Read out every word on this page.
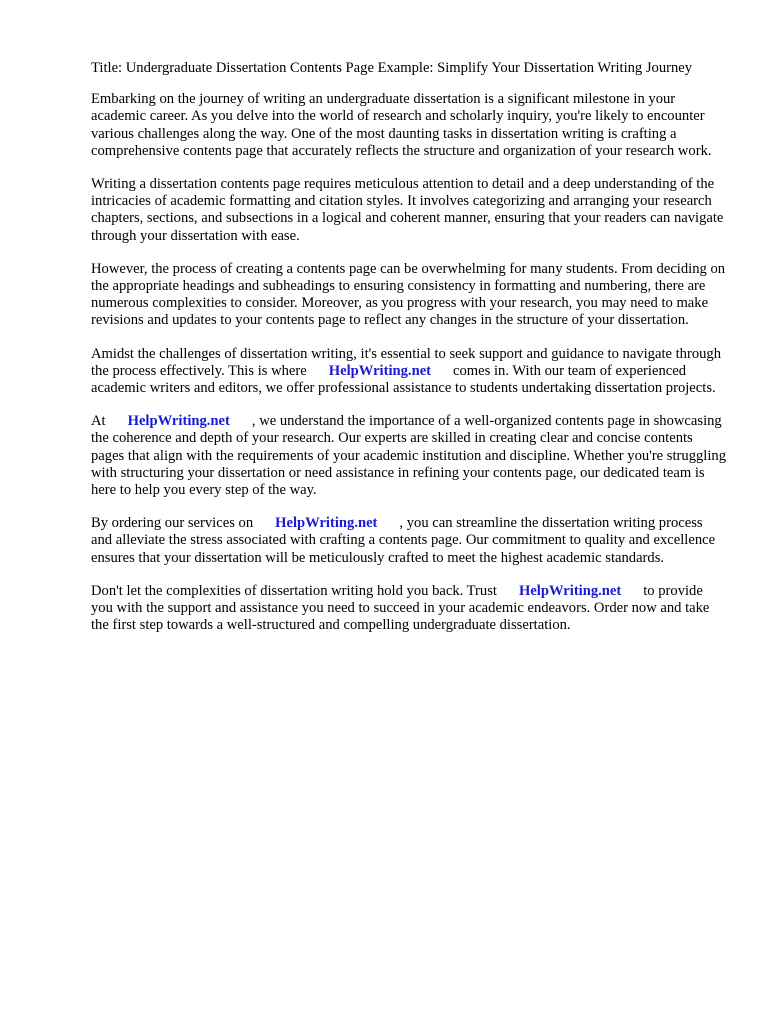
Title: Undergraduate Dissertation Contents Page Example: Simplify Your Dissertation Writing Journey

Embarking on the journey of writing an undergraduate dissertation is a significant milestone in your academic career. As you delve into the world of research and scholarly inquiry, you're likely to encounter various challenges along the way. One of the most daunting tasks in dissertation writing is crafting a comprehensive contents page that accurately reflects the structure and organization of your research work.

Writing a dissertation contents page requires meticulous attention to detail and a deep understanding of the intricacies of academic formatting and citation styles. It involves categorizing and arranging your research chapters, sections, and subsections in a logical and coherent manner, ensuring that your readers can navigate through your dissertation with ease.

However, the process of creating a contents page can be overwhelming for many students. From deciding on the appropriate headings and subheadings to ensuring consistency in formatting and numbering, there are numerous complexities to consider. Moreover, as you progress with your research, you may need to make revisions and updates to your contents page to reflect any changes in the structure of your dissertation.

Amidst the challenges of dissertation writing, it's essential to seek support and guidance to navigate through the process effectively. This is where HelpWriting.net comes in. With our team of experienced academic writers and editors, we offer professional assistance to students undertaking dissertation projects.

At HelpWriting.net , we understand the importance of a well-organized contents page in showcasing the coherence and depth of your research. Our experts are skilled in creating clear and concise contents pages that align with the requirements of your academic institution and discipline. Whether you're struggling with structuring your dissertation or need assistance in refining your contents page, our dedicated team is here to help you every step of the way.

By ordering our services on HelpWriting.net , you can streamline the dissertation writing process and alleviate the stress associated with crafting a contents page. Our commitment to quality and excellence ensures that your dissertation will be meticulously crafted to meet the highest academic standards.

Don't let the complexities of dissertation writing hold you back. Trust HelpWriting.net to provide you with the support and assistance you need to succeed in your academic endeavors. Order now and take the first step towards a well-structured and compelling undergraduate dissertation.
